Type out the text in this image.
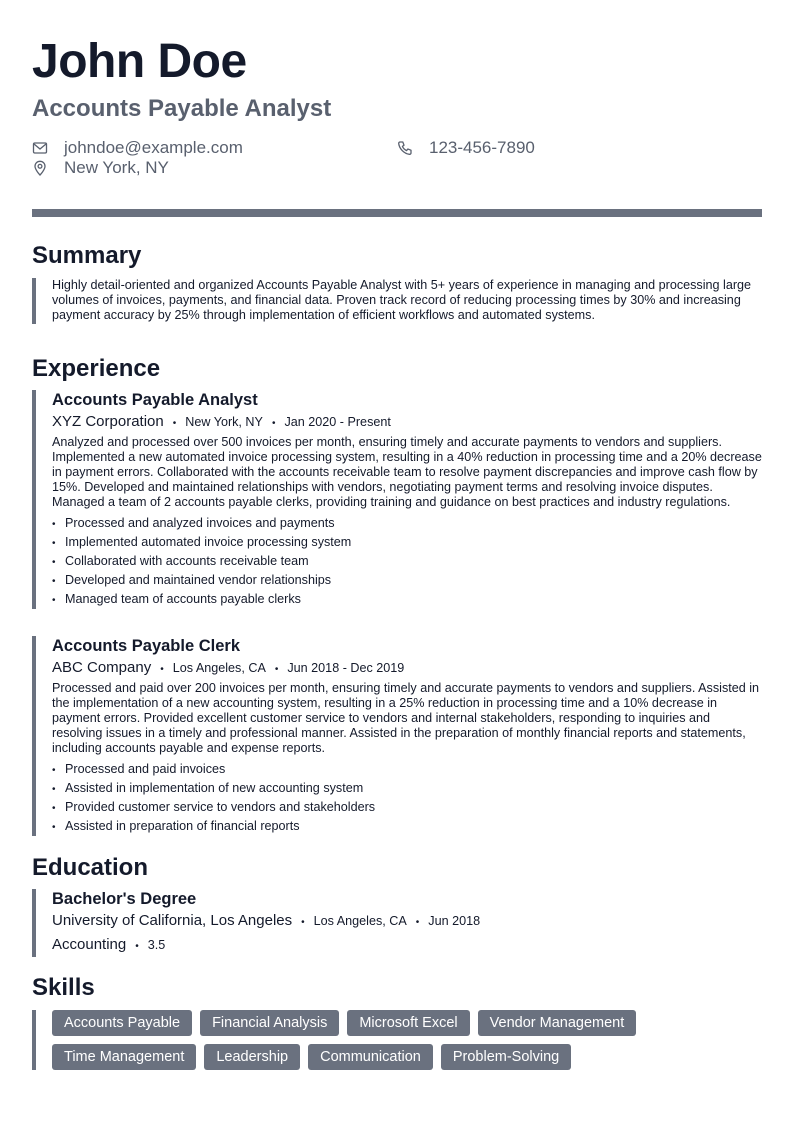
John Doe
Accounts Payable Analyst
johndoe@example.com	123-456-7890
New York, NY
Summary

Highly detail-oriented and organized Accounts Payable Analyst with 5+ years of experience in managing and processing large volumes of invoices, payments, and financial data. Proven track record of reducing processing times by 30% and increasing payment accuracy by 25% through implementation of efficient workflows and automated systems.

Experience
Accounts Payable Analyst
XYZ Corporation • New York, NY • Jan 2020 - Present

Analyzed and processed over 500 invoices per month, ensuring timely and accurate payments to vendors and suppliers. Implemented a new automated invoice processing system, resulting in a 40% reduction in processing time and a 20% decrease in payment errors. Collaborated with the accounts receivable team to resolve payment discrepancies and improve cash flow by 15%. Developed and maintained relationships with vendors, negotiating payment terms and resolving invoice disputes. Managed a team of 2 accounts payable clerks, providing training and guidance on best practices and industry regulations.

• Processed and analyzed invoices and payments
• Implemented automated invoice processing system
• Collaborated with accounts receivable team
• Developed and maintained vendor relationships
• Managed team of accounts payable clerks
Accounts Payable Clerk
ABC Company • Los Angeles, CA • Jun 2018 - Dec 2019

Processed and paid over 200 invoices per month, ensuring timely and accurate payments to vendors and suppliers. Assisted in the implementation of a new accounting system, resulting in a 25% reduction in processing time and a 10% decrease in payment errors. Provided excellent customer service to vendors and internal stakeholders, responding to inquiries and resolving issues in a timely and professional manner. Assisted in the preparation of monthly financial reports and statements, including accounts payable and expense reports.

• Processed and paid invoices
• Assisted in implementation of new accounting system
• Provided customer service to vendors and stakeholders
• Assisted in preparation of financial reports
Education
Bachelor's Degree
University of California, Los Angeles • Los Angeles, CA • Jun 2018
Accounting • 3.5
Skills
Accounts Payable	Financial Analysis	Microsoft Excel	Vendor Management
Time Management	Leadership	Communication	Problem-Solving
